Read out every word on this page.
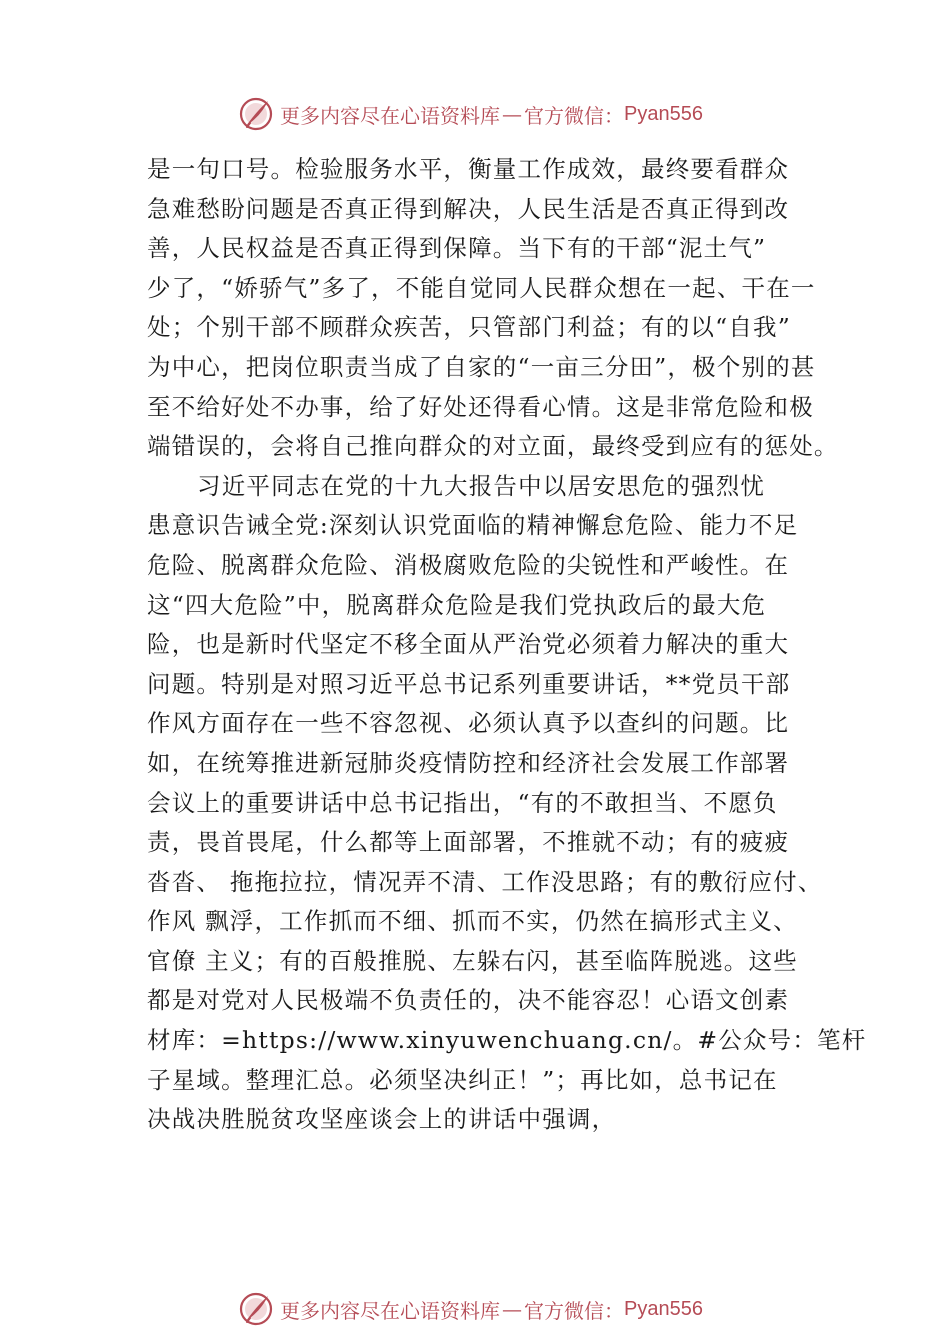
更多内容尽在心语资料库 — 官方微信： Pyan556
是一句口号。检验服务水平，衡量工作成效，最终要看群众
急难愁盼问题是否真正得到解决，人民生活是否真正得到改
善，人民权益是否真正得到保障。当下有的干部“泥土气”
少了，“娇骄气”多了，不能自觉同人民群众想在一起、干在一
处；个别干部不顾群众疾苦，只管部门利益；有的以“自我”
为中心，把岗位职责当成了自家的“一亩三分田”，极个别的甚
至不给好处不办事，给了好处还得看心情。这是非常危险和极
端错误的，会将自己推向群众的对立面，最终受到应有的惩处。
习近平同志在党的十九大报告中以居安思危的强烈忧
患意识告诫全党:深刻认识党面临的精神懈怠危险、能力不足
危险、脱离群众危险、消极腐败危险的尖锐性和严峻性。在
这“四大危险”中，脱离群众危险是我们党执政后的最大危
险，也是新时代坚定不移全面从严治党必须着力解决的重大
问题。特别是对照习近平总书记系列重要讲话，**党员干部
作风方面存在一些不容忽视、必须认真予以查纠的问题。比
如，在统筹推进新冠肺炎疫情防控和经济社会发展工作部署
会议上的重要讲话中总书记指出，“有的不敢担当、不愿负
责，畏首畏尾，什么都等上面部署，不推就不动；有的疲疲
沓沓、 拖拖拉拉，情况弄不清、工作没思路；有的敷衍应付、
作风 飘浮，工作抓而不细、抓而不实，仍然在搞形式主义、
官僚 主义；有的百般推脱、左躲右闪，甚至临阵脱逃。这些
都是对党对人民极端不负责任的，决不能容忍！心语文创素
材库：=https://www.xinyuwenchuang.cn/。#公众号：笔杆
子星域。整理汇总。必须坚决纠正！”；再比如，总书记在
决战决胜脱贫攻坚座谈会上的讲话中强调，
更多内容尽在心语资料库 — 官方微信： Pyan556
